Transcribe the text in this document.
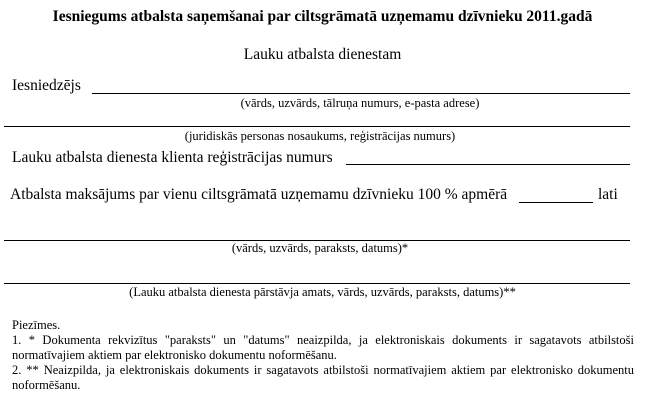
Iesniegums atbalsta saņemšanai par ciltsgrāmatā uzņemamu dzīvnieku 2011.gadā
Lauku atbalsta dienestam
Iesniedzējs
(vārds, uzvārds, tālruņa numurs, e-pasta adrese)
(juridiskās personas nosaukums, reģistrācijas numurs)
Lauku atbalsta dienesta klienta reģistrācijas numurs
Atbalsta maksājums par vienu ciltsgrāmatā uzņemamu dzīvnieku 100 % apmērā	lati
(vārds, uzvārds, paraksts, datums)*
(Lauku atbalsta dienesta pārstāvja amats, vārds, uzvārds, paraksts, datums)**
Piezīmes.
1. * Dokumenta rekvizītus "paraksts" un "datums" neaizpilda, ja elektroniskais dokuments ir sagatavots atbilstoši normatīvajiem aktiem par elektronisko dokumentu noformēšanu.
2. ** Neaizpilda, ja elektroniskais dokuments ir sagatavots atbilstoši normatīvajiem aktiem par elektronisko dokumentu noformēšanu.
